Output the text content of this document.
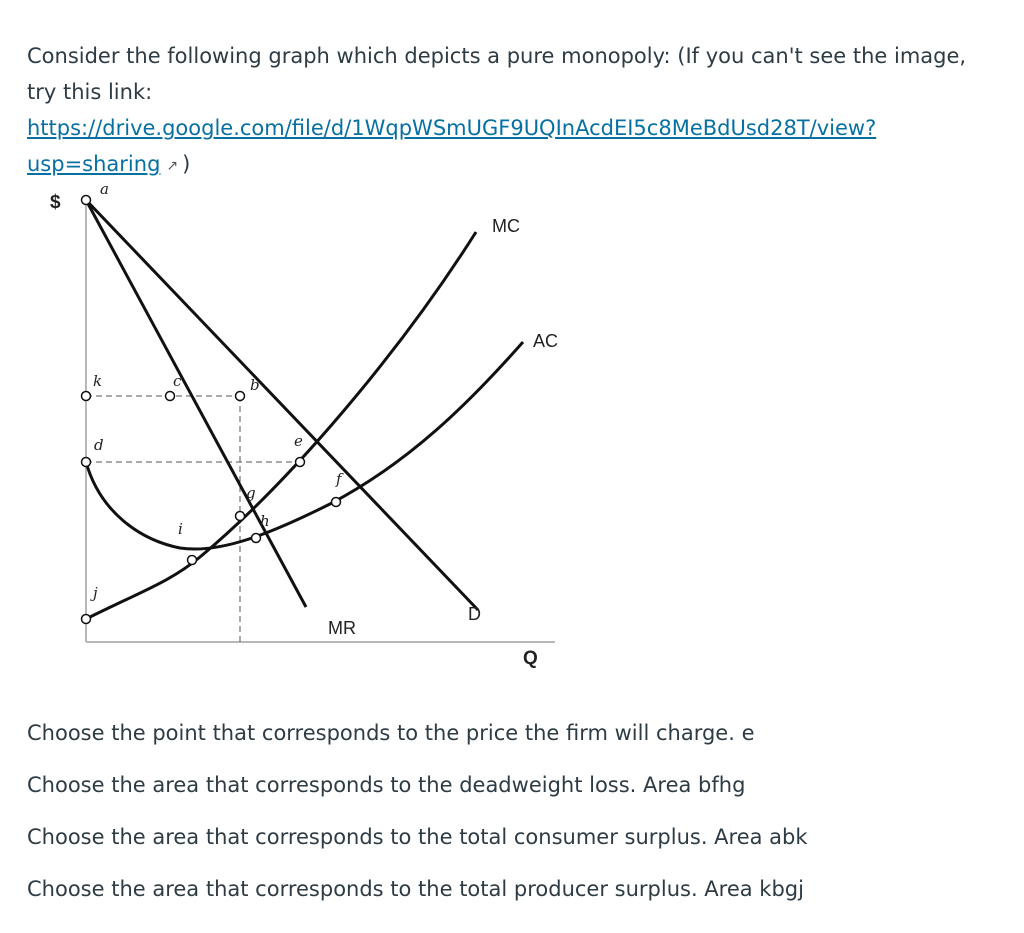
Consider the following graph which depicts a pure monopoly: (If you can't see the image, try this link: https://drive.google.com/file/d/1WqpWSmUGF9UQInAcdEI5c8MeBdUsd28T/view?usp=sharing ↗ )
a
k	c	b
d	e
f
g
h
i
j
$
Q
MC
AC
MR
D
Choose the point that corresponds to the price the firm will charge. e
Choose the area that corresponds to the deadweight loss. Area bfhg
Choose the area that corresponds to the total consumer surplus. Area abk
Choose the area that corresponds to the total producer surplus. Area kbgj
